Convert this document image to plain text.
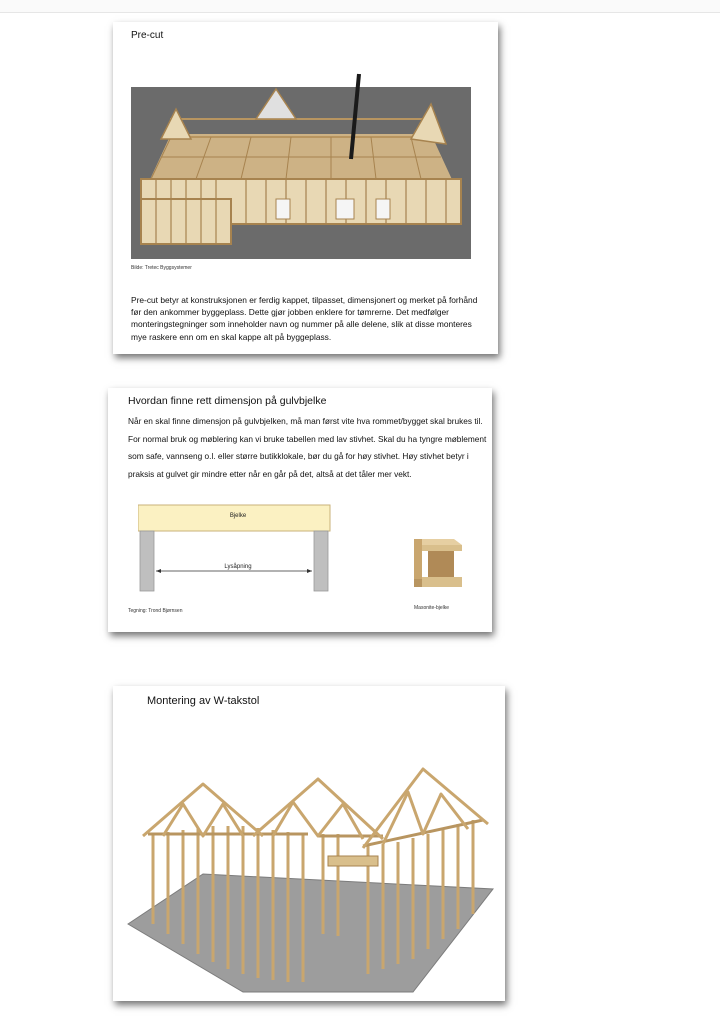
Pre-cut
Bilde: Tretec Byggsystemer
Pre-cut betyr at konstruksjonen er ferdig kappet, tilpasset, dimensjonert og merket på forhånd før den ankommer byggeplass. Dette gjør jobben enklere for tømrerne. Det medfølger monteringstegninger som inneholder navn og nummer på alle delene, slik at disse monteres mye raskere enn om en skal kappe alt på byggeplass.
Hvordan finne rett dimensjon på gulvbjelke
Når en skal finne dimensjon på gulvbjelken, må man først vite hva rommet/bygget skal brukes til. For normal bruk og møblering kan vi bruke tabellen med lav stivhet. Skal du ha tyngre møblement som safe, vannseng o.l. eller større butikklokale, bør du gå for høy stivhet. Høy stivhet betyr i praksis at gulvet gir mindre etter når en går på det, altså at det tåler mer vekt.
Bjelke
Lysåpning
Tegning: Trond Bjørnsen	Masonite-bjelke
Montering av W-takstol
